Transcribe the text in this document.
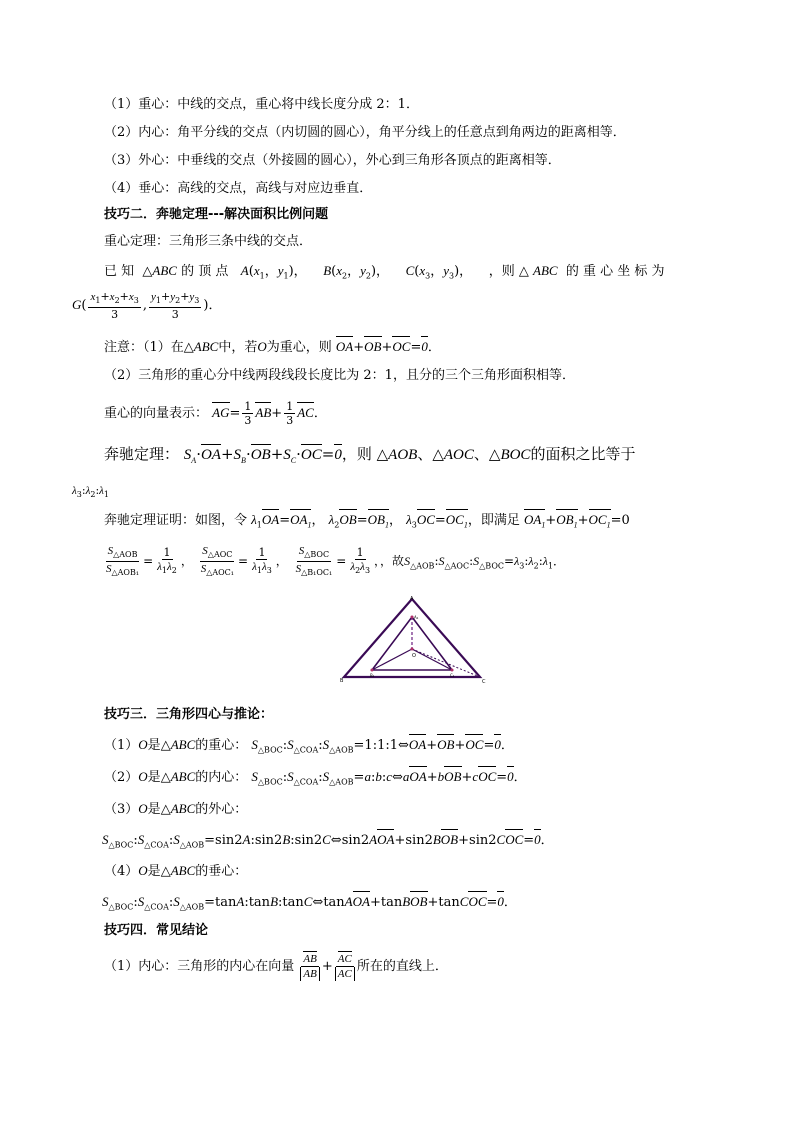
（1）重心：中线的交点，重心将中线长度分成 2：1．
（2）内心：角平分线的交点（内切圆的圆心），角平分线上的任意点到角两边的距离相等．
（3）外心：中垂线的交点（外接圆的圆心），外心到三角形各顶点的距离相等．
（4）垂心：高线的交点，高线与对应边垂直．
技巧二．奔驰定理---解决面积比例问题
重心定理：三角形三条中线的交点．
已 知  △ABC 的 顶 点 $A(x_1$，$y_1$)，    $B(x_2$，$y_2$)，    $C(x_3$，$y_3$)，    ，则 △ ABC 的 重 心 坐 标 为
$G( \frac{x_1+x_2+x_3}{3}$ , $\frac{y_1+y_2+y_3}{3}$ )．
注意：（1）在△ABC中，若O为重心，则 OA+OB+OC=0．
（2）三角形的重心分中线两段线段长度比为 2：1，且分的三个三角形面积相等．
重心的向量表示： $AG= \frac{1}{3} AB+ \frac{1}{3}$ AC．
奔驰定理： $S_A\cdot OA+S_B\cdot OB+S_C\cdot OC=0$，则 △AOB、△AOC、△BOC的面积之比等于
$\lambda_3:\lambda_2:\lambda_1$
奔驰定理证明：如图，令 $\lambda_1OA=OA_1$， $\lambda_2OB=OB_1$， $\lambda_3OC=OC_1$，即满足 $OA_1+OB_1+OC_1=0$
$\frac{S_{\triangle AOB}}{S_{\triangle AOB_1}} = \frac{1}{\lambda_1\lambda_2}$ ， $\frac{S_{\triangle AOC}}{S_{\triangle AOC_1}} = \frac{1}{\lambda_1\lambda_3}$ ， $\frac{S_{\triangle BOC}}{S_{\triangle B_1OC_1}} = \frac{1}{\lambda_2\lambda_3}$ ，，故$S_{\triangle AOB}:S_{\triangle AOC}:S_{\triangle BOC}=\lambda_3:\lambda_2:\lambda_1$．
A
B	C
O
A₁
B₁	C₁
技巧三．三角形四心与推论：
（1）O是△ABC的重心： $S_{\triangle BOC}:S_{\triangle COA}:S_{\triangle AOB}=1:1:1\Leftrightarrow OA+OB+OC=0$．
（2）O是△ABC的内心： $S_{\triangle BOC}:S_{\triangle COA}:S_{\triangle AOB}=a:b:c\Leftrightarrow aOA+bOB+cOC=0$．
（3）O是△ABC的外心：
$S_{\triangle BOC}:S_{\triangle COA}:S_{\triangle AOB}=\sin 2A:\sin 2B:\sin 2C\Leftrightarrow\sin 2AOA+\sin 2BOB+\sin 2COC=0$．
（4）O是△ABC的垂心：
$S_{\triangle BOC}:S_{\triangle COA}:S_{\triangle AOB}=\tan A:\tan B:\tan C\Leftrightarrow tanAOA+tanBOB+tanCOC=0$．
技巧四．常见结论
（1）内心：三角形的内心在向量 $\frac{AB}{AB} + \frac{AC}{AC}$ 所在的直线上．
